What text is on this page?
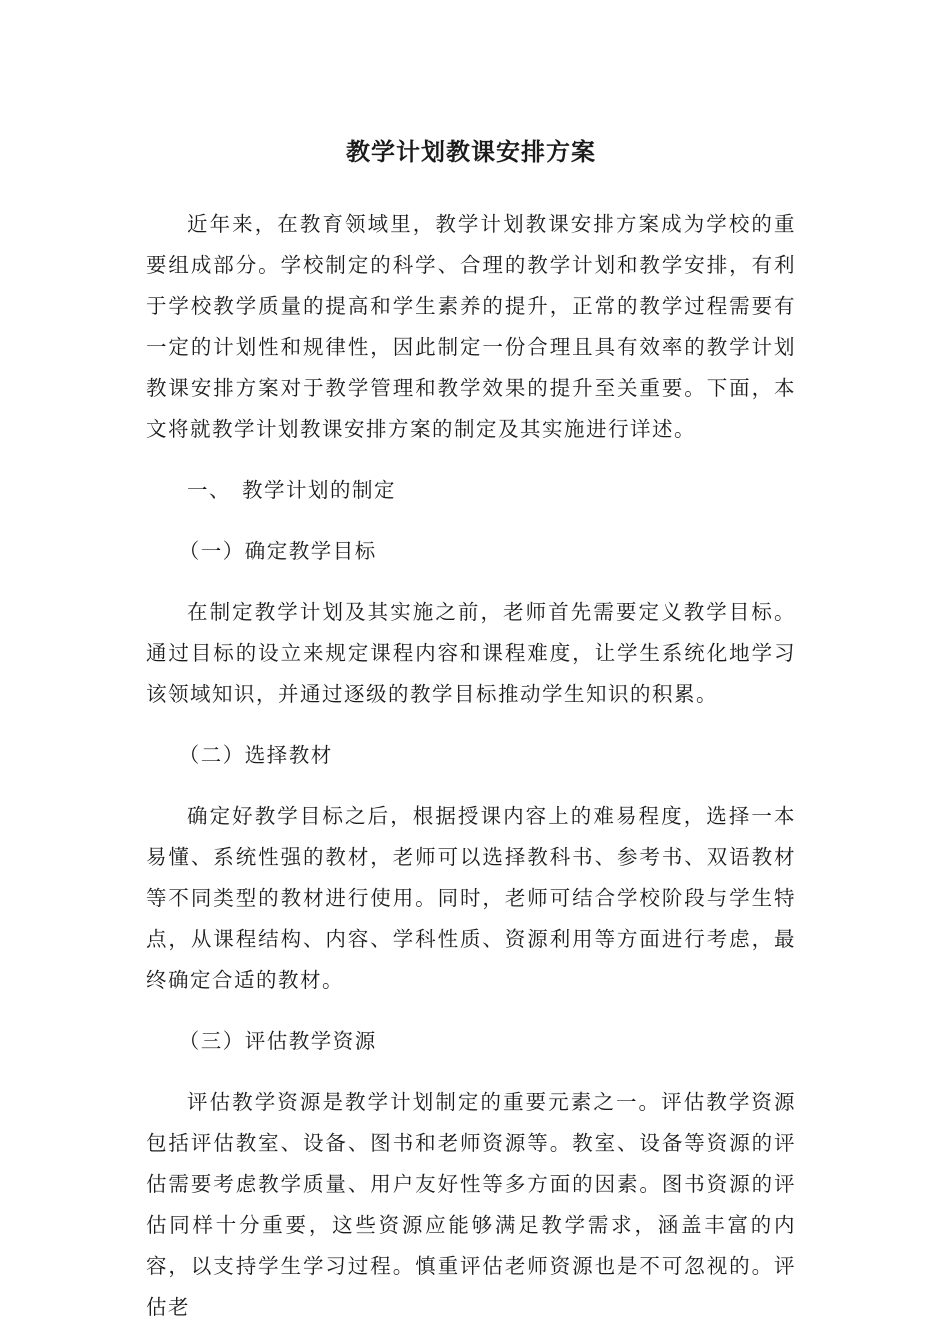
教学计划教课安排方案

近年来，在教育领域里，教学计划教课安排方案成为学校的重要组成部分。学校制定的科学、合理的教学计划和教学安排，有利于学校教学质量的提高和学生素养的提升，正常的教学过程需要有一定的计划性和规律性，因此制定一份合理且具有效率的教学计划教课安排方案对于教学管理和教学效果的提升至关重要。下面，本文将就教学计划教课安排方案的制定及其实施进行详述。

一、 教学计划的制定

（一）确定教学目标

在制定教学计划及其实施之前，老师首先需要定义教学目标。通过目标的设立来规定课程内容和课程难度，让学生系统化地学习该领域知识，并通过逐级的教学目标推动学生知识的积累。

（二）选择教材

确定好教学目标之后，根据授课内容上的难易程度，选择一本易懂、系统性强的教材，老师可以选择教科书、参考书、双语教材等不同类型的教材进行使用。同时，老师可结合学校阶段与学生特点，从课程结构、内容、学科性质、资源利用等方面进行考虑，最终确定合适的教材。

（三）评估教学资源

评估教学资源是教学计划制定的重要元素之一。评估教学资源包括评估教室、设备、图书和老师资源等。教室、设备等资源的评估需要考虑教学质量、用户友好性等多方面的因素。图书资源的评估同样十分重要，这些资源应能够满足教学需求，涵盖丰富的内容，以支持学生学习过程。慎重评估老师资源也是不可忽视的。评估老
